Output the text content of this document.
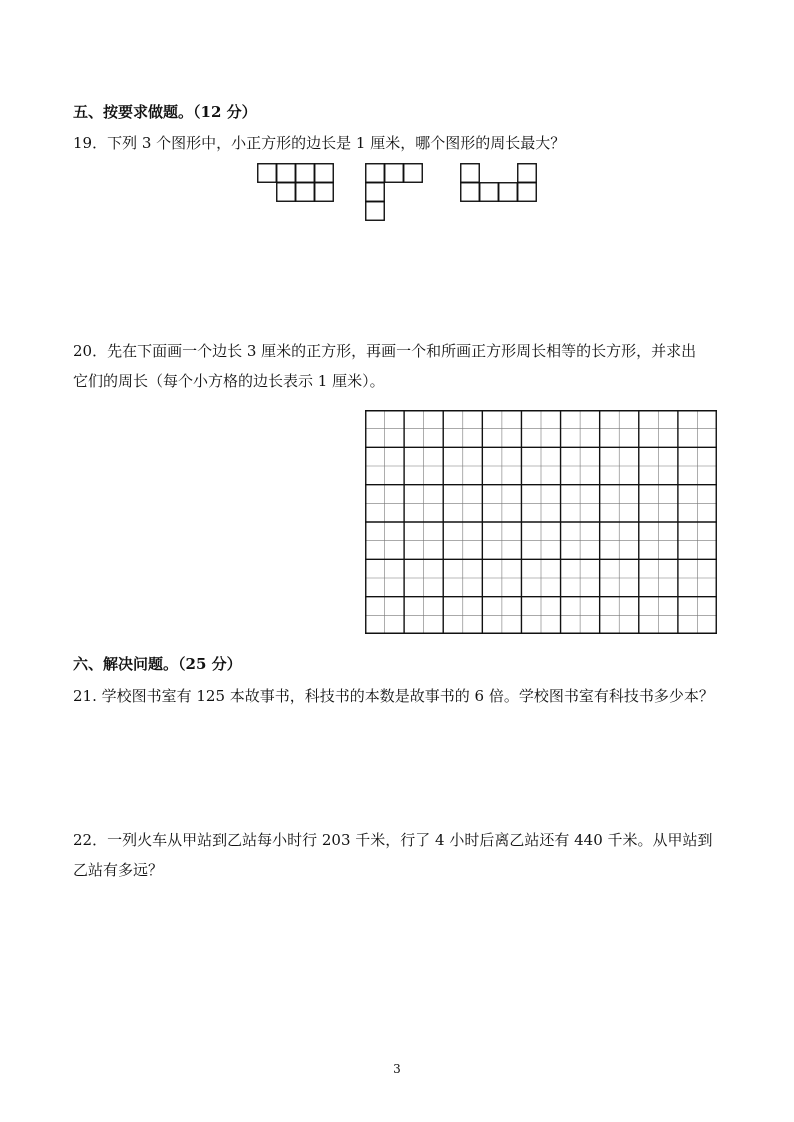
五、按要求做题。（12 分）
19．下列 3 个图形中，小正方形的边长是 1 厘米，哪个图形的周长最大？
20．先在下面画一个边长 3 厘米的正方形，再画一个和所画正方形周长相等的长方形，并求出
它们的周长（每个小方格的边长表示 1 厘米）。
六、解决问题。（25 分）
21. 学校图书室有 125 本故事书，科技书的本数是故事书的 6 倍。学校图书室有科技书多少本？
22．一列火车从甲站到乙站每小时行 203 千米，行了 4 小时后离乙站还有 440 千米。从甲站到
乙站有多远？
3
